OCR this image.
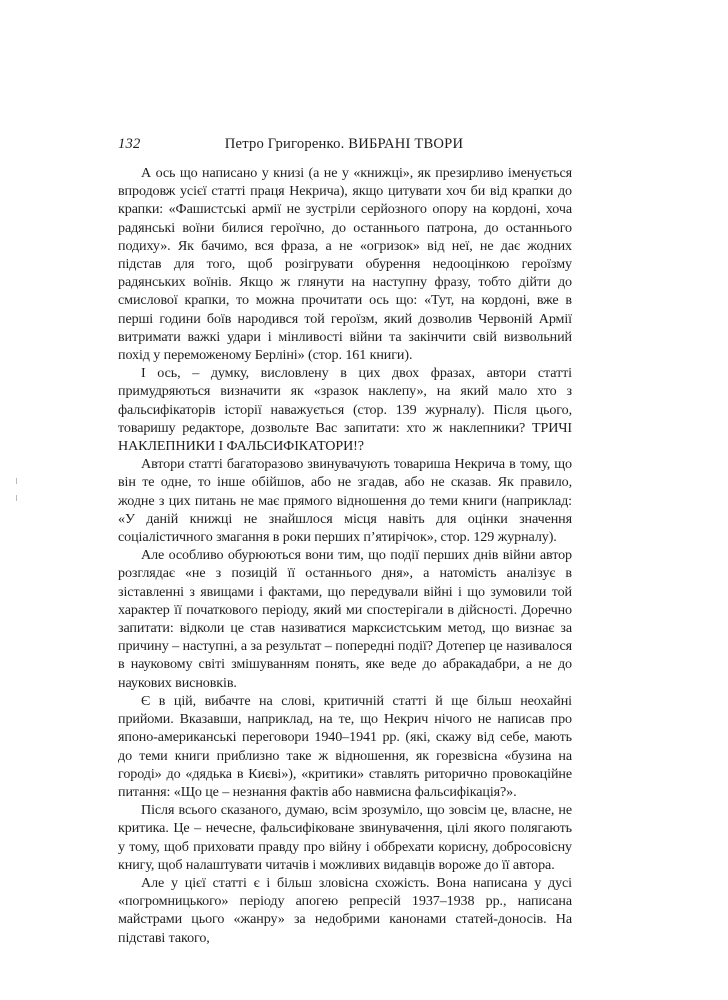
132	Петро Григоренко. ВИБРАНІ ТВОРИ

А ось що написано у книзі (а не у «книжці», як презирливо іменується впродовж усієї статті праця Некрича), якщо цитувати хоч би від крапки до крапки: «Фашистські армії не зустріли серйозного опору на кордоні, хоча радянські воїни билися героїчно, до останнього патрона, до останнього подиху». Як бачимо, вся фраза, а не «огризок» від неї, не дає жодних підстав для того, щоб розігрувати обурення недооцінкою героїзму радянських воїнів. Якщо ж глянути на наступну фразу, тобто дійти до смислової крапки, то можна прочитати ось що: «Тут, на кордоні, вже в перші години боїв народився той героїзм, який дозволив Червоній Армії витримати важкі удари і мінливості війни та закінчити свій визвольний похід у переможеному Берліні» (стор. 161 книги).

І ось, – думку, висловлену в цих двох фразах, автори статті примудряються визначити як «зразок наклепу», на який мало хто з фальсифікаторів історії наважується (стор. 139 журналу). Після цього, товаришу редакторе, дозвольте Вас запитати: хто ж наклепники? ТРИЧІ НАКЛЕПНИКИ І ФАЛЬСИФІКАТОРИ!?

Автори статті багаторазово звинувачують товариша Некрича в тому, що він те одне, то інше обійшов, або не згадав, або не сказав. Як правило, жодне з цих питань не має прямого відношення до теми книги (наприклад: «У даній книжці не знайшлося місця навіть для оцінки значення соціалістичного змагання в роки перших п’ятирічок», стор. 129 журналу).

Але особливо обурюються вони тим, що події перших днів війни автор розглядає «не з позицій її останнього дня», а натомість аналізує в зіставленні з явищами і фактами, що передували війні і що зумовили той характер її початкового періоду, який ми спостерігали в дійсності. Доречно запитати: відколи це став називатися марксистським метод, що визнає за причину – наступні, а за результат – попередні події? Дотепер це називалося в науковому світі змішуванням понять, яке веде до абракадабри, а не до наукових висновків.

Є в цій, вибачте на слові, критичній статті й ще більш неохайні прийоми. Вказавши, наприклад, на те, що Некрич нічого не написав про японо-американські переговори 1940–1941 рр. (які, скажу від себе, мають до теми книги приблизно таке ж відношення, як горезвісна «бузина на городі» до «дядька в Києві»), «критики» ставлять риторично провокаційне питання: «Що це – незнання фактів або навмисна фальсифікація?».

Після всього сказаного, думаю, всім зрозуміло, що зовсім це, власне, не критика. Це – нечесне, фальсифіковане звинувачення, цілі якого полягають у тому, щоб приховати правду про війну і оббрехати корисну, добросовісну книгу, щоб налаштувати читачів і можливих видавців вороже до її автора.

Але у цієї статті є і більш зловісна схожість. Вона написана у дусі «погромницького» періоду апогею репресій 1937–1938 рр., написана майстрами цього «жанру» за недобрими канонами статей-доносів. На підставі такого,
